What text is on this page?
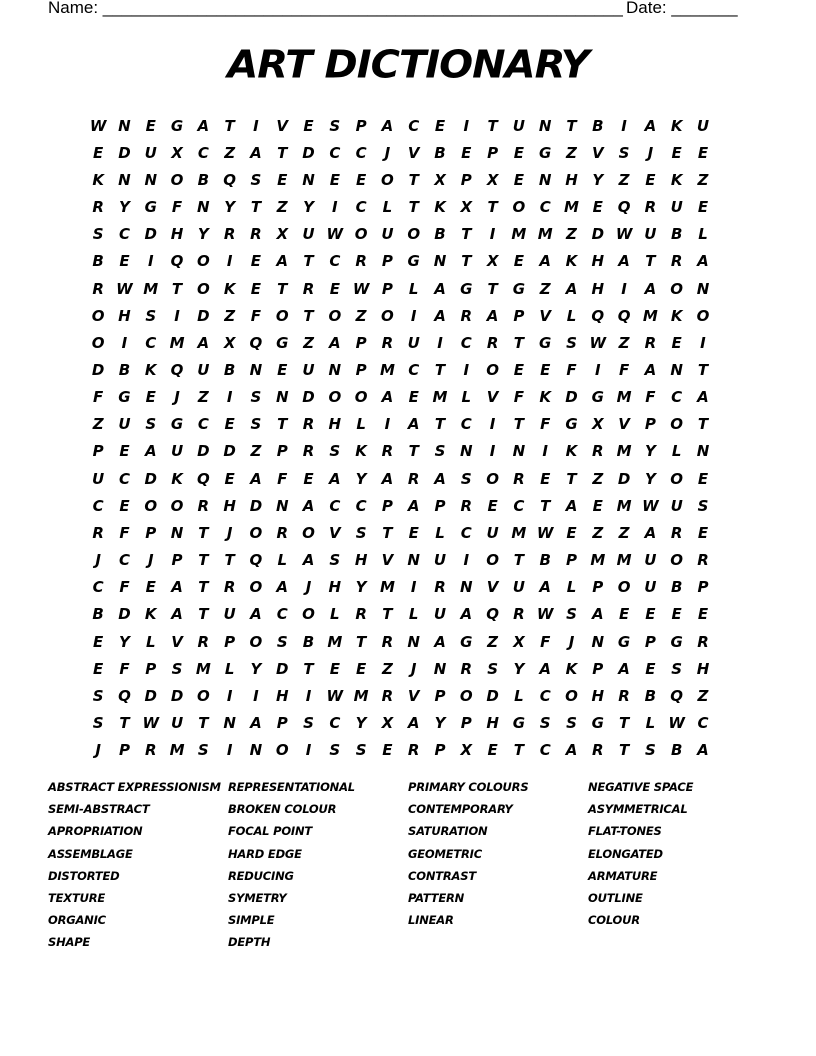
Name: _______________________________________________________ Date: _______
ART DICTIONARY
W N E	G A	T	I	V	E	S	P	A C	E	I	T	U N T	B	I	A K U
E D U X	C	Z	A	T D C	C	J	V B	E	P	E	G Z	V	S	J	E	E
K N N O B Q S	E N E	E O T	X	P	X	E N H Y	Z	E	K	Z
R	Y G	F N Y	T	Z	Y	I	C	L	T	K X	T O C M E Q R U	E
S	C D H Y	R R X U W O U O B	T	I	M M Z D W U B	L
B	E	I	Q O	I	E	A	T	C	R	P G N T	X	E	A K H A	T	R A
R W M T O K	E	T	R	E W P	L	A G	T	G Z	A H	I	A O N
O H S	I	D Z	F O T O Z O	I	A R A P	V	L	Q Q M K O
O	I	C M A X Q G Z	A P	R U	I	C	R	T	G S W Z	R	E	I
D B K Q U B N E	U N P M C	T	I	O E	E	F	I	F	A N T
F	G	E	J	Z	I	S N D O O A	E M L	V	F	K D G M F	C A
Z U S G C	E	S	T	R H	L	I	A	T	C	I	T	F	G X V P O T
P	E	A U D D Z	P	R	S	K R	T	S N	I	N	I	K R M Y	L	N
U C D K Q E	A	F	E	A	Y	A R A	S O R	E	T	Z D Y O E
C	E O O R H D N A C	C	P	A P	R	E	C	T	A	E M W U S
R	F	P N T	J	O R O V	S	T	E	L	C U M W E	Z	Z	A R	E
J	C	J	P	T	T Q	L	A	S H V N U	I	O T	B	P M M U O R
C	F	E	A	T	R O A	J	H Y M	I	R N V U A	L	P O U B	P
B D K A	T	U A C O	L	R	T	L	U A Q R W S	A	E	E	E	E
E	Y	L	V R	P O S	B M T	R N A G Z	X	F	J	N G P G R
E	F	P	S M L	Y D T	E	E	Z	J	N R	S	Y	A K P	A	E	S H
S Q D D O	I	I	H	I	W M R V P O D	L	C O H R B Q Z
S	T W U	T N A P	S	C	Y	X A	Y	P H G S	S G	T	L W C
J	P	R M S	I	N O	I	S	S	E	R	P	X	E	T	C A R	T	S	B A
ABSTRACT EXPRESSIONISM
SEMI-ABSTRACT
APROPRIATION
ASSEMBLAGE
DISTORTED
TEXTURE
ORGANIC
SHAPE
REPRESENTATIONAL
BROKEN COLOUR
FOCAL POINT
HARD EDGE
REDUCING
SYMETRY
SIMPLE
DEPTH
PRIMARY COLOURS
CONTEMPORARY
SATURATION
GEOMETRIC
CONTRAST
PATTERN
LINEAR
NEGATIVE SPACE
ASYMMETRICAL
FLAT-TONES
ELONGATED
ARMATURE
OUTLINE
COLOUR
